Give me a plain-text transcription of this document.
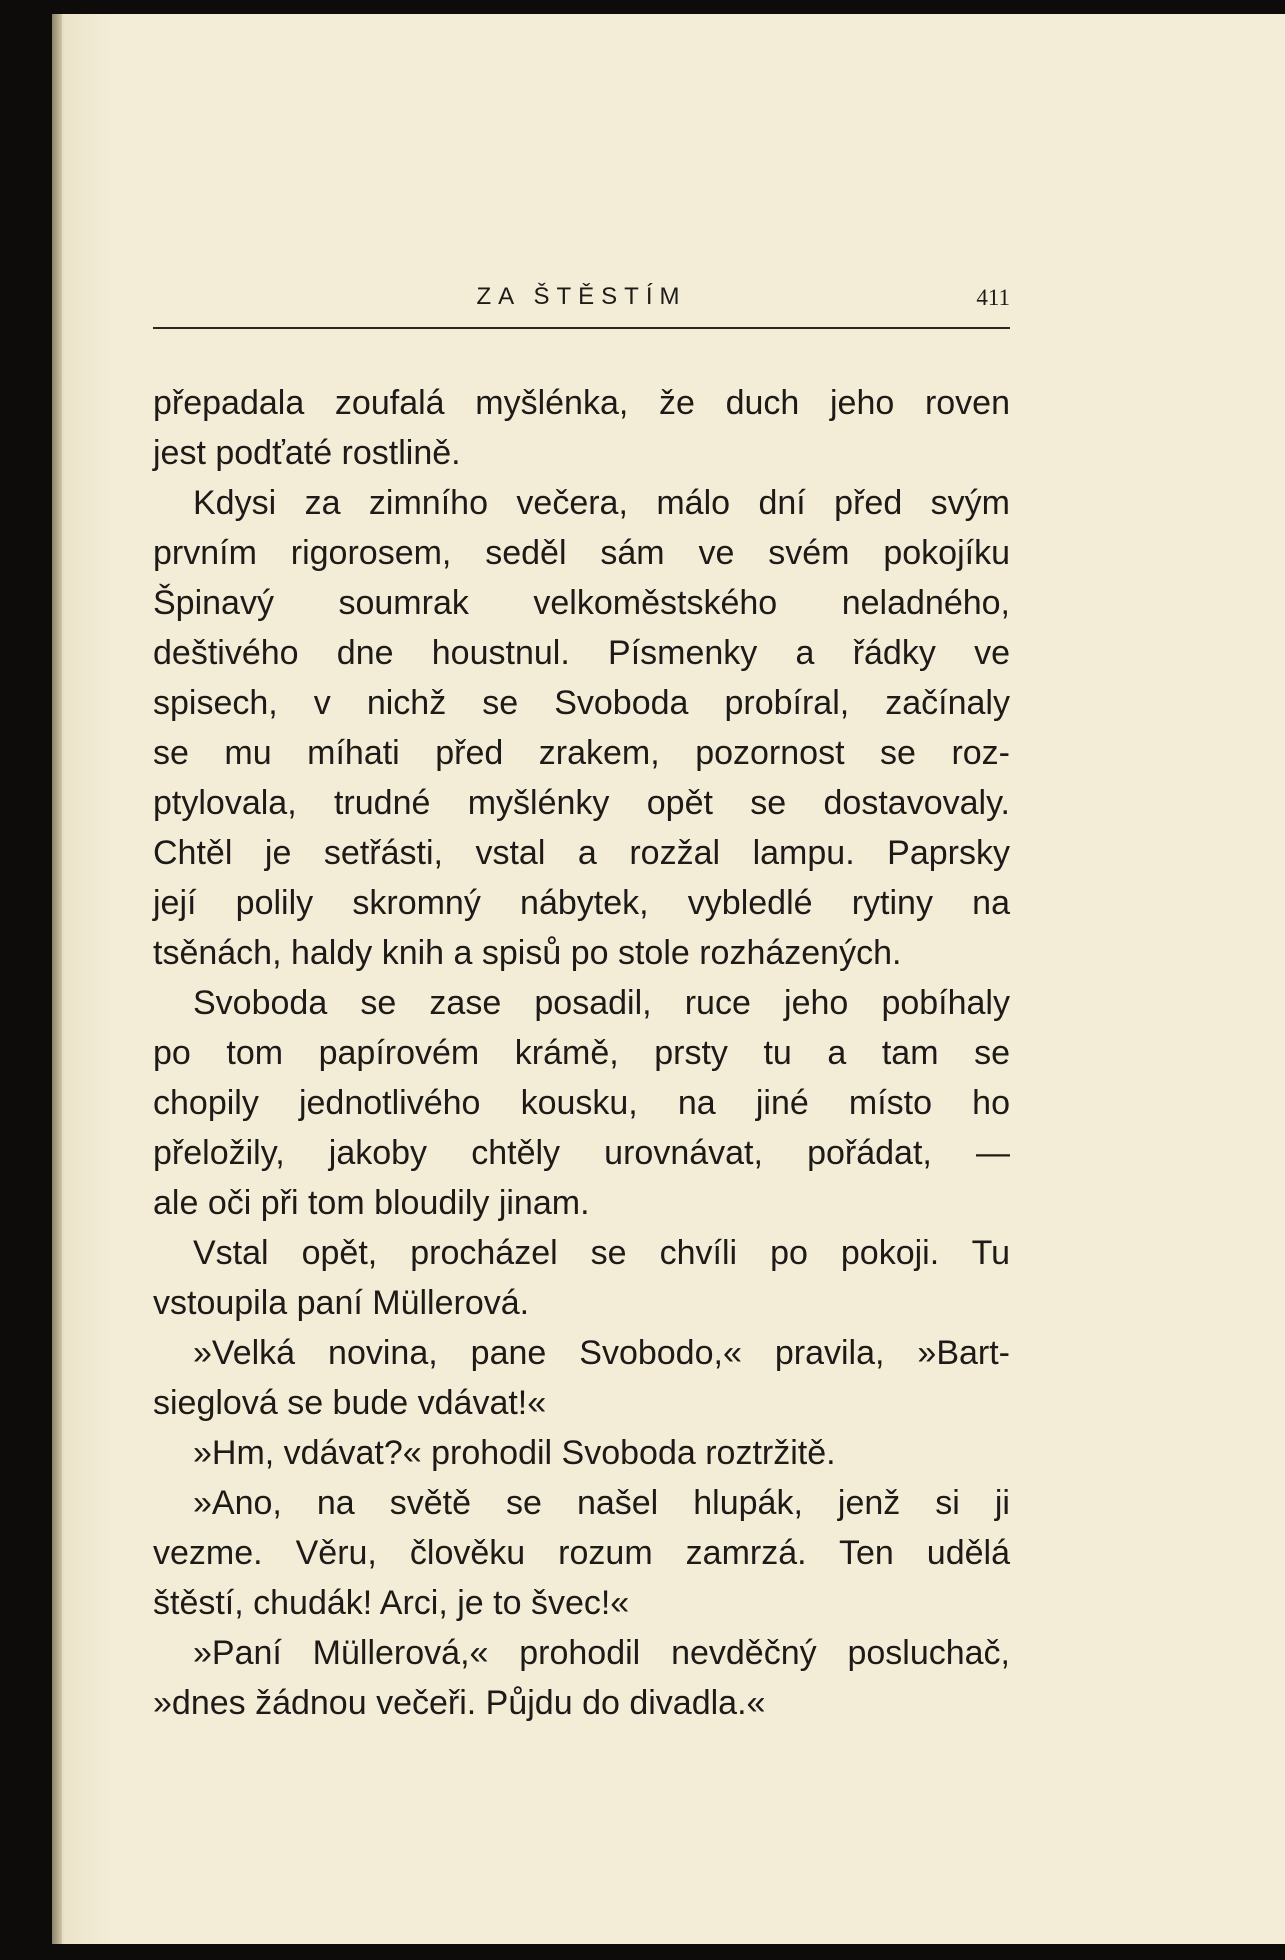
ZA ŠTĚSTÍM	411

přepadala zoufalá myšlénka, že duch jeho roven

jest podťaté rostlině.

Kdysi za zimního večera, málo dní před svým

prvním rigorosem, seděl sám ve svém pokojíku

Špinavý soumrak velkoměstského neladného,

deštivého dne houstnul. Písmenky a řádky ve

spisech, v nichž se Svoboda probíral, začínaly

se mu míhati před zrakem, pozornost se roz-

ptylovala, trudné myšlénky opět se dostavovaly.

Chtěl je setřásti, vstal a rozžal lampu. Paprsky

její polily skromný nábytek, vybledlé rytiny na

tsěnách, haldy knih a spisů po stole rozházených.

Svoboda se zase posadil, ruce jeho pobíhaly

po tom papírovém krámě, prsty tu a tam se

chopily jednotlivého kousku, na jiné místo ho

přeložily, jakoby chtěly urovnávat, pořádat, —

ale oči při tom bloudily jinam.

Vstal opět, procházel se chvíli po pokoji. Tu

vstoupila paní Müllerová.

»Velká novina, pane Svobodo,« pravila, »Bart-

sieglová se bude vdávat!«

»Hm, vdávat?« prohodil Svoboda roztržitě.

»Ano, na světě se našel hlupák, jenž si ji

vezme. Věru, člověku rozum zamrzá. Ten udělá

štěstí, chudák! Arci, je to švec!«

»Paní Müllerová,« prohodil nevděčný posluchač,

»dnes žádnou večeři. Půjdu do divadla.«
